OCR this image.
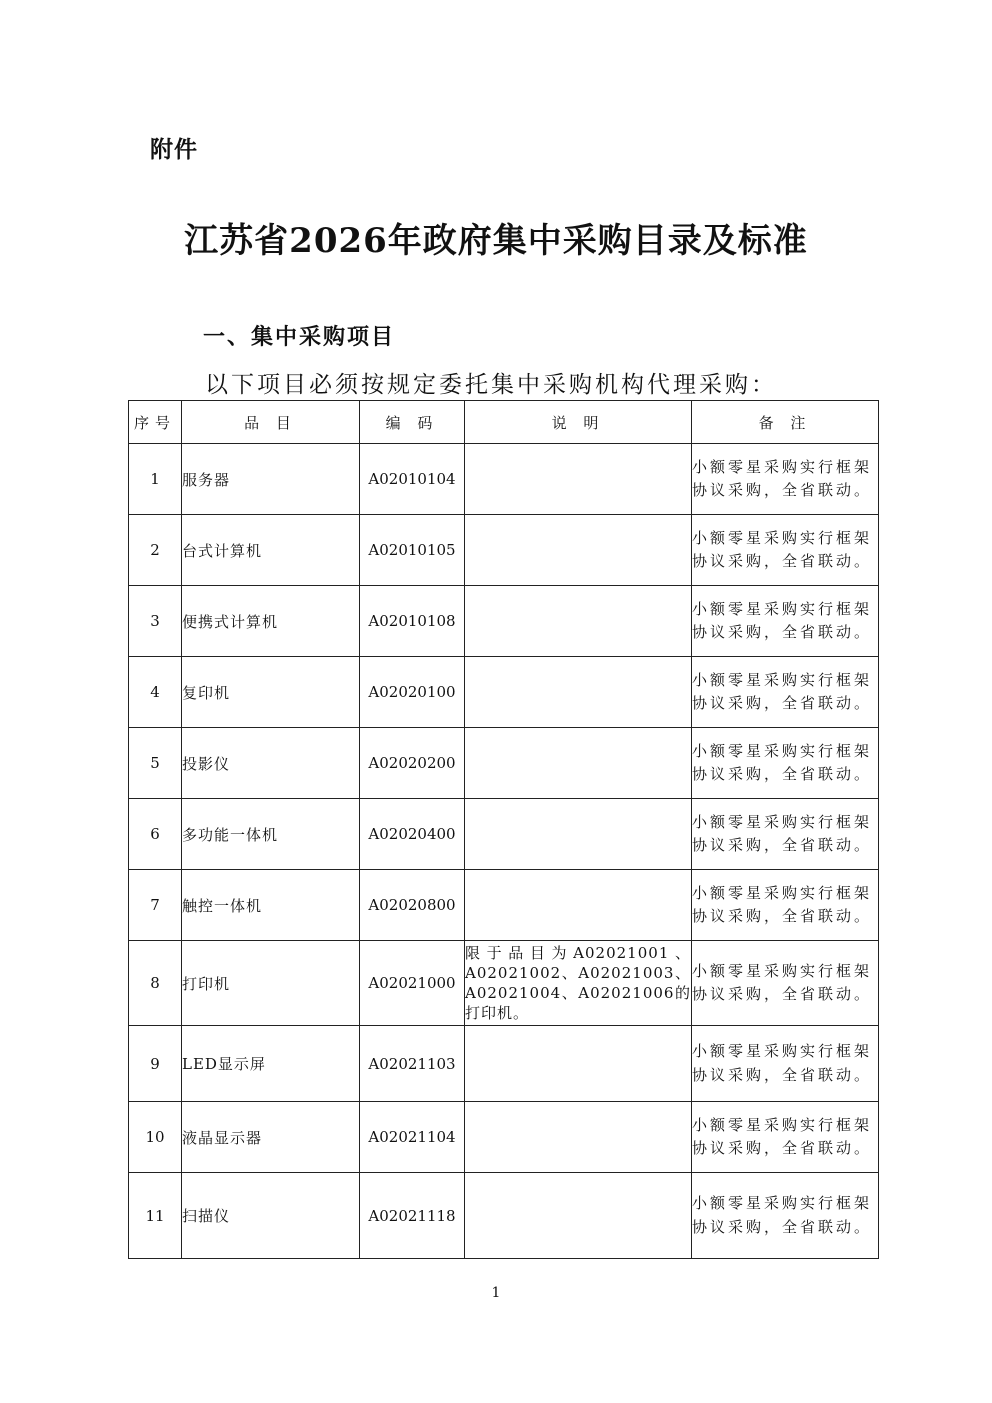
附件
江苏省2026年政府集中采购目录及标准
一、集中采购项目
以下项目必须按规定委托集中采购机构代理采购：
序号	品 目	编 码	说 明	备 注
1	服务器	A02010104		小额零星采购实行框架协议采购，全省联动。
2	台式计算机	A02010105		小额零星采购实行框架协议采购，全省联动。
3	便携式计算机	A02010108		小额零星采购实行框架协议采购，全省联动。
4	复印机	A02020100		小额零星采购实行框架协议采购，全省联动。
5	投影仪	A02020200		小额零星采购实行框架协议采购，全省联动。
6	多功能一体机	A02020400		小额零星采购实行框架协议采购，全省联动。
7	触控一体机	A02020800		小额零星采购实行框架协议采购，全省联动。
8	打印机	A02021000	限于品目为A02021001、A02021002、A02021003、A02021004、A02021006的打印机。	小额零星采购实行框架协议采购，全省联动。
9	LED显示屏	A02021103		小额零星采购实行框架协议采购，全省联动。
10	液晶显示器	A02021104		小额零星采购实行框架协议采购，全省联动。
11	扫描仪	A02021118		小额零星采购实行框架协议采购，全省联动。
1
